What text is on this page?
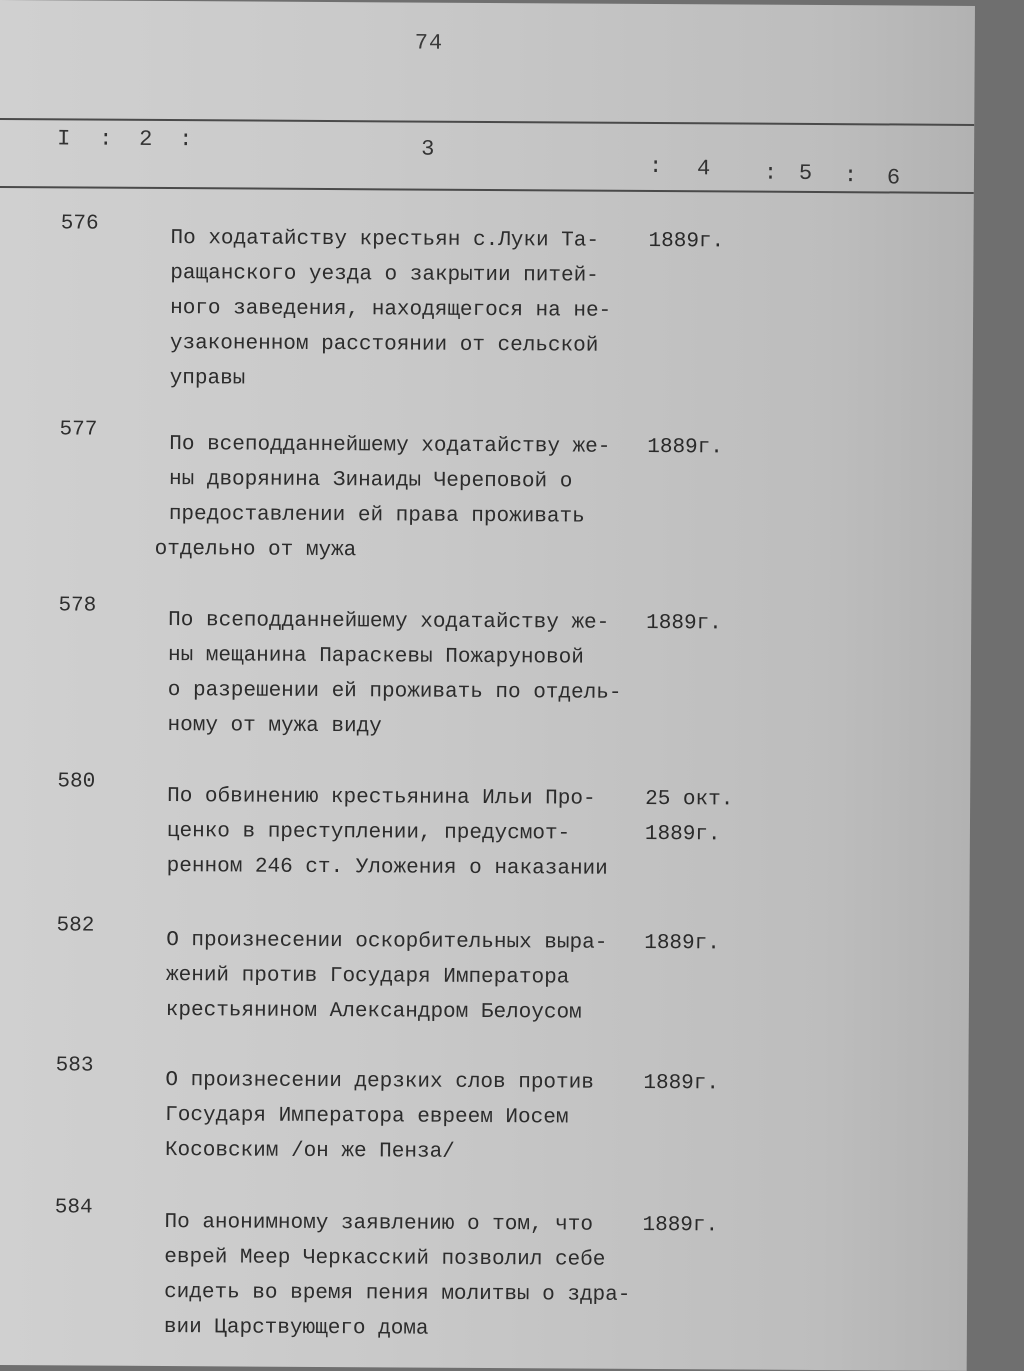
74
I : 2 :	3
: 4 : 5 : 6
576
По ходатайству крестьян с.Луки Та-
ращанского уезда о закрытии питей-
ного заведения, находящегося на не-
узаконенном расстоянии от сельской
управы
1889г.
577
По всеподданнейшему ходатайству же-
ны дворянина Зинаиды Череповой о
предоставлении ей права проживать
отдельно от мужа
1889г.
578
По всеподданнейшему ходатайству же-
ны мещанина Параскевы Пожаруновой
о разрешении ей проживать по отдель-
ному от мужа виду
1889г.
580
По обвинению крестьянина Ильи Про-
ценко в преступлении, предусмот-
ренном 246 ст. Уложения о наказании
25 окт.
1889г.
582
О произнесении оскорбительных выра-
жений против Государя Императора
крестьянином Александром Белоусом
1889г.
583
О произнесении дерзких слов против
Государя Императора евреем Иосем
Косовским /он же Пенза/
1889г.
584
По анонимному заявлению о том, что
еврей Меер Черкасский позволил себе
сидеть во время пения молитвы о здра-
вии Царствующего дома
1889г.
